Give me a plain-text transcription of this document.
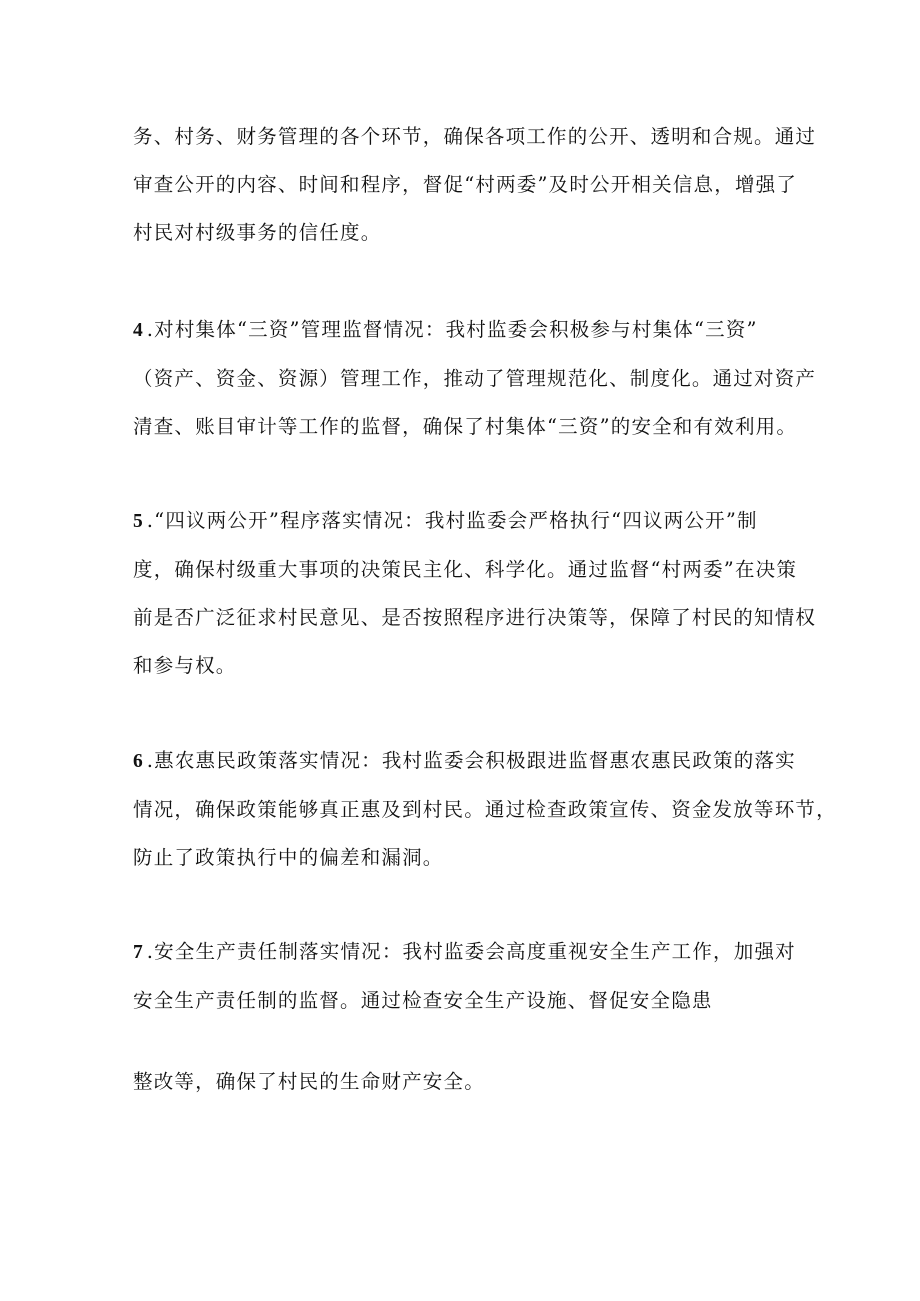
务、村务、财务管理的各个环节，确保各项工作的公开、透明和合规。通过
审查公开的内容、时间和程序，督促“村两委”及时公开相关信息，增强了
村民对村级事务的信任度。

4 .对村集体“三资”管理监督情况：我村监委会积极参与村集体“三资”
（资产、资金、资源）管理工作，推动了管理规范化、制度化。通过对资产
清查、账目审计等工作的监督，确保了村集体“三资”的安全和有效利用。

5 .“四议两公开”程序落实情况：我村监委会严格执行“四议两公开”制
度，确保村级重大事项的决策民主化、科学化。通过监督“村两委”在决策
前是否广泛征求村民意见、是否按照程序进行决策等，保障了村民的知情权
和参与权。

6 .惠农惠民政策落实情况：我村监委会积极跟进监督惠农惠民政策的落实
情况，确保政策能够真正惠及到村民。通过检查政策宣传、资金发放等环节，
防止了政策执行中的偏差和漏洞。

7 .安全生产责任制落实情况：我村监委会高度重视安全生产工作，加强对
安全生产责任制的监督。通过检查安全生产设施、督促安全隐患

整改等，确保了村民的生命财产安全。
